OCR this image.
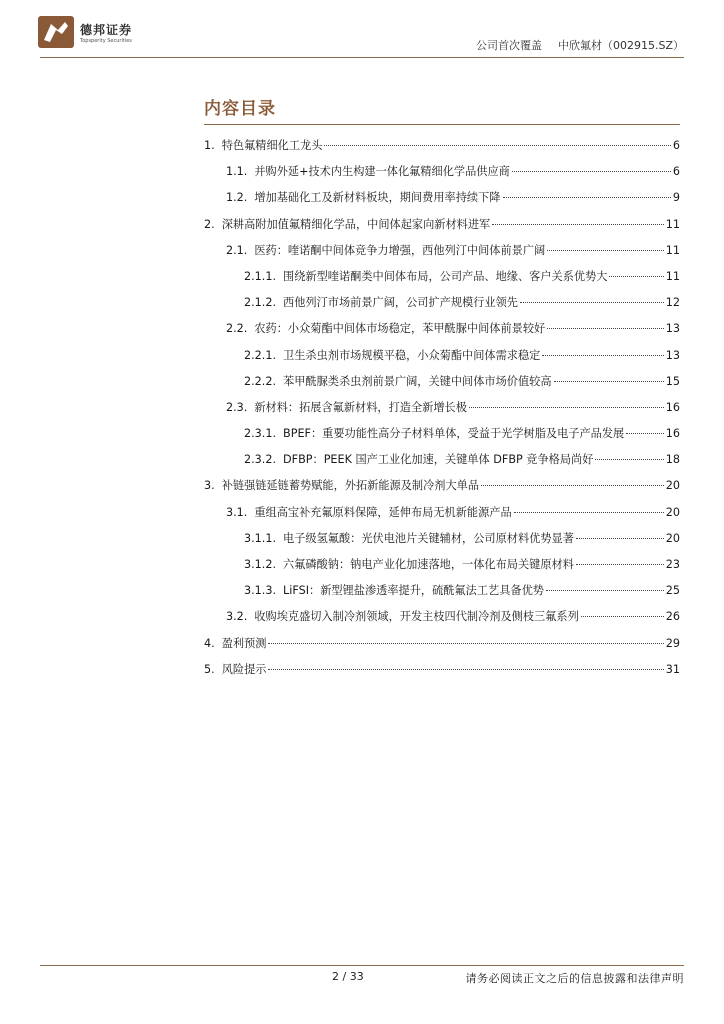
德邦证券
Topsperity Securities	公司首次覆盖 中欣氟材（002915.SZ）
内容目录
1. 特色氟精细化工龙头	6
1.1. 并购外延+技术内生构建一体化氟精细化学品供应商	6
1.2. 增加基础化工及新材料板块，期间费用率持续下降	9
2. 深耕高附加值氟精细化学品，中间体起家向新材料进军	11
2.1. 医药：喹诺酮中间体竞争力增强，西他列汀中间体前景广阔	11
2.1.1. 围绕新型喹诺酮类中间体布局，公司产品、地缘、客户关系优势大	11
2.1.2. 西他列汀市场前景广阔，公司扩产规模行业领先	12
2.2. 农药：小众菊酯中间体市场稳定，苯甲酰脲中间体前景较好	13
2.2.1. 卫生杀虫剂市场规模平稳，小众菊酯中间体需求稳定	13
2.2.2. 苯甲酰脲类杀虫剂前景广阔，关键中间体市场价值较高	15
2.3. 新材料：拓展含氟新材料，打造全新增长极	16
2.3.1. BPEF：重要功能性高分子材料单体，受益于光学树脂及电子产品发展	16
2.3.2. DFBP：PEEK 国产工业化加速，关键单体 DFBP 竞争格局尚好	18
3. 补链强链延链蓄势赋能，外拓新能源及制冷剂大单品	20
3.1. 重组高宝补充氟原料保障，延伸布局无机新能源产品	20
3.1.1. 电子级氢氟酸：光伏电池片关键辅材，公司原材料优势显著	20
3.1.2. 六氟磷酸钠：钠电产业化加速落地，一体化布局关键原材料	23
3.1.3. LiFSI：新型锂盐渗透率提升，硫酰氟法工艺具备优势	25
3.2. 收购埃克盛切入制冷剂领域，开发主枝四代制冷剂及侧枝三氟系列	26
4. 盈利预测	29
5. 风险提示	31
2 / 33	请务必阅读正文之后的信息披露和法律声明
